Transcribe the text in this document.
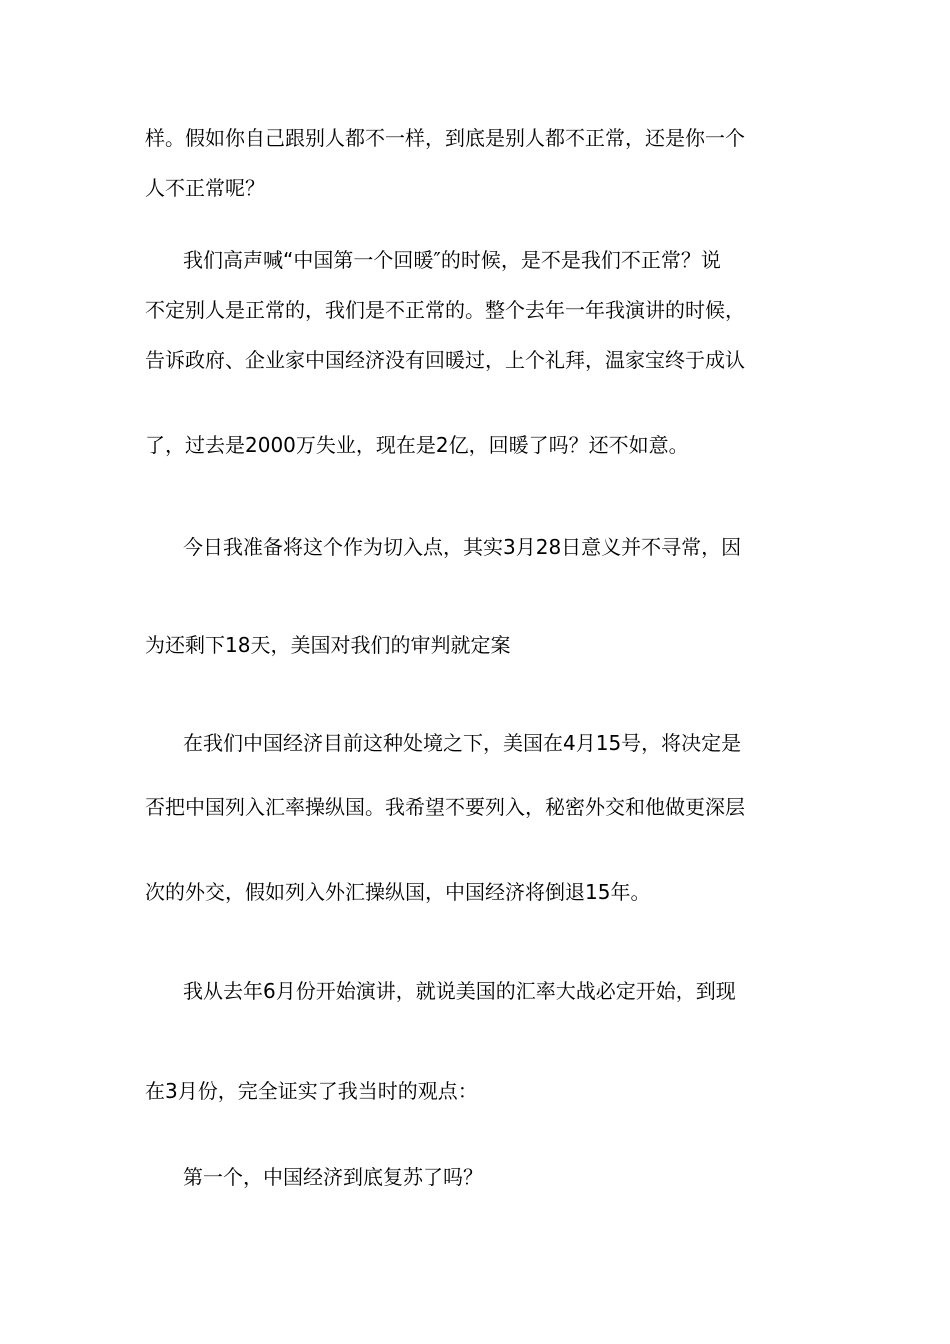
样。假如你自己跟别人都不一样，到底是别人都不正常，还是你一个

人不正常呢？

我们高声喊“中国第一个回暖″的时候，是不是我们不正常？说

不定别人是正常的，我们是不正常的。整个去年一年我演讲的时候，

告诉政府、企业家中国经济没有回暖过，上个礼拜，温家宝终于成认

了，过去是2000万失业，现在是2亿，回暖了吗？还不如意。

今日我准备将这个作为切入点，其实3月28日意义并不寻常，因

为还剩下18天，美国对我们的审判就定案

在我们中国经济目前这种处境之下，美国在4月15号，将决定是

否把中国列入汇率操纵国。我希望不要列入，秘密外交和他做更深层

次的外交，假如列入外汇操纵国，中国经济将倒退15年。

我从去年6月份开始演讲，就说美国的汇率大战必定开始，到现

在3月份，完全证实了我当时的观点：

第一个，中国经济到底复苏了吗？
